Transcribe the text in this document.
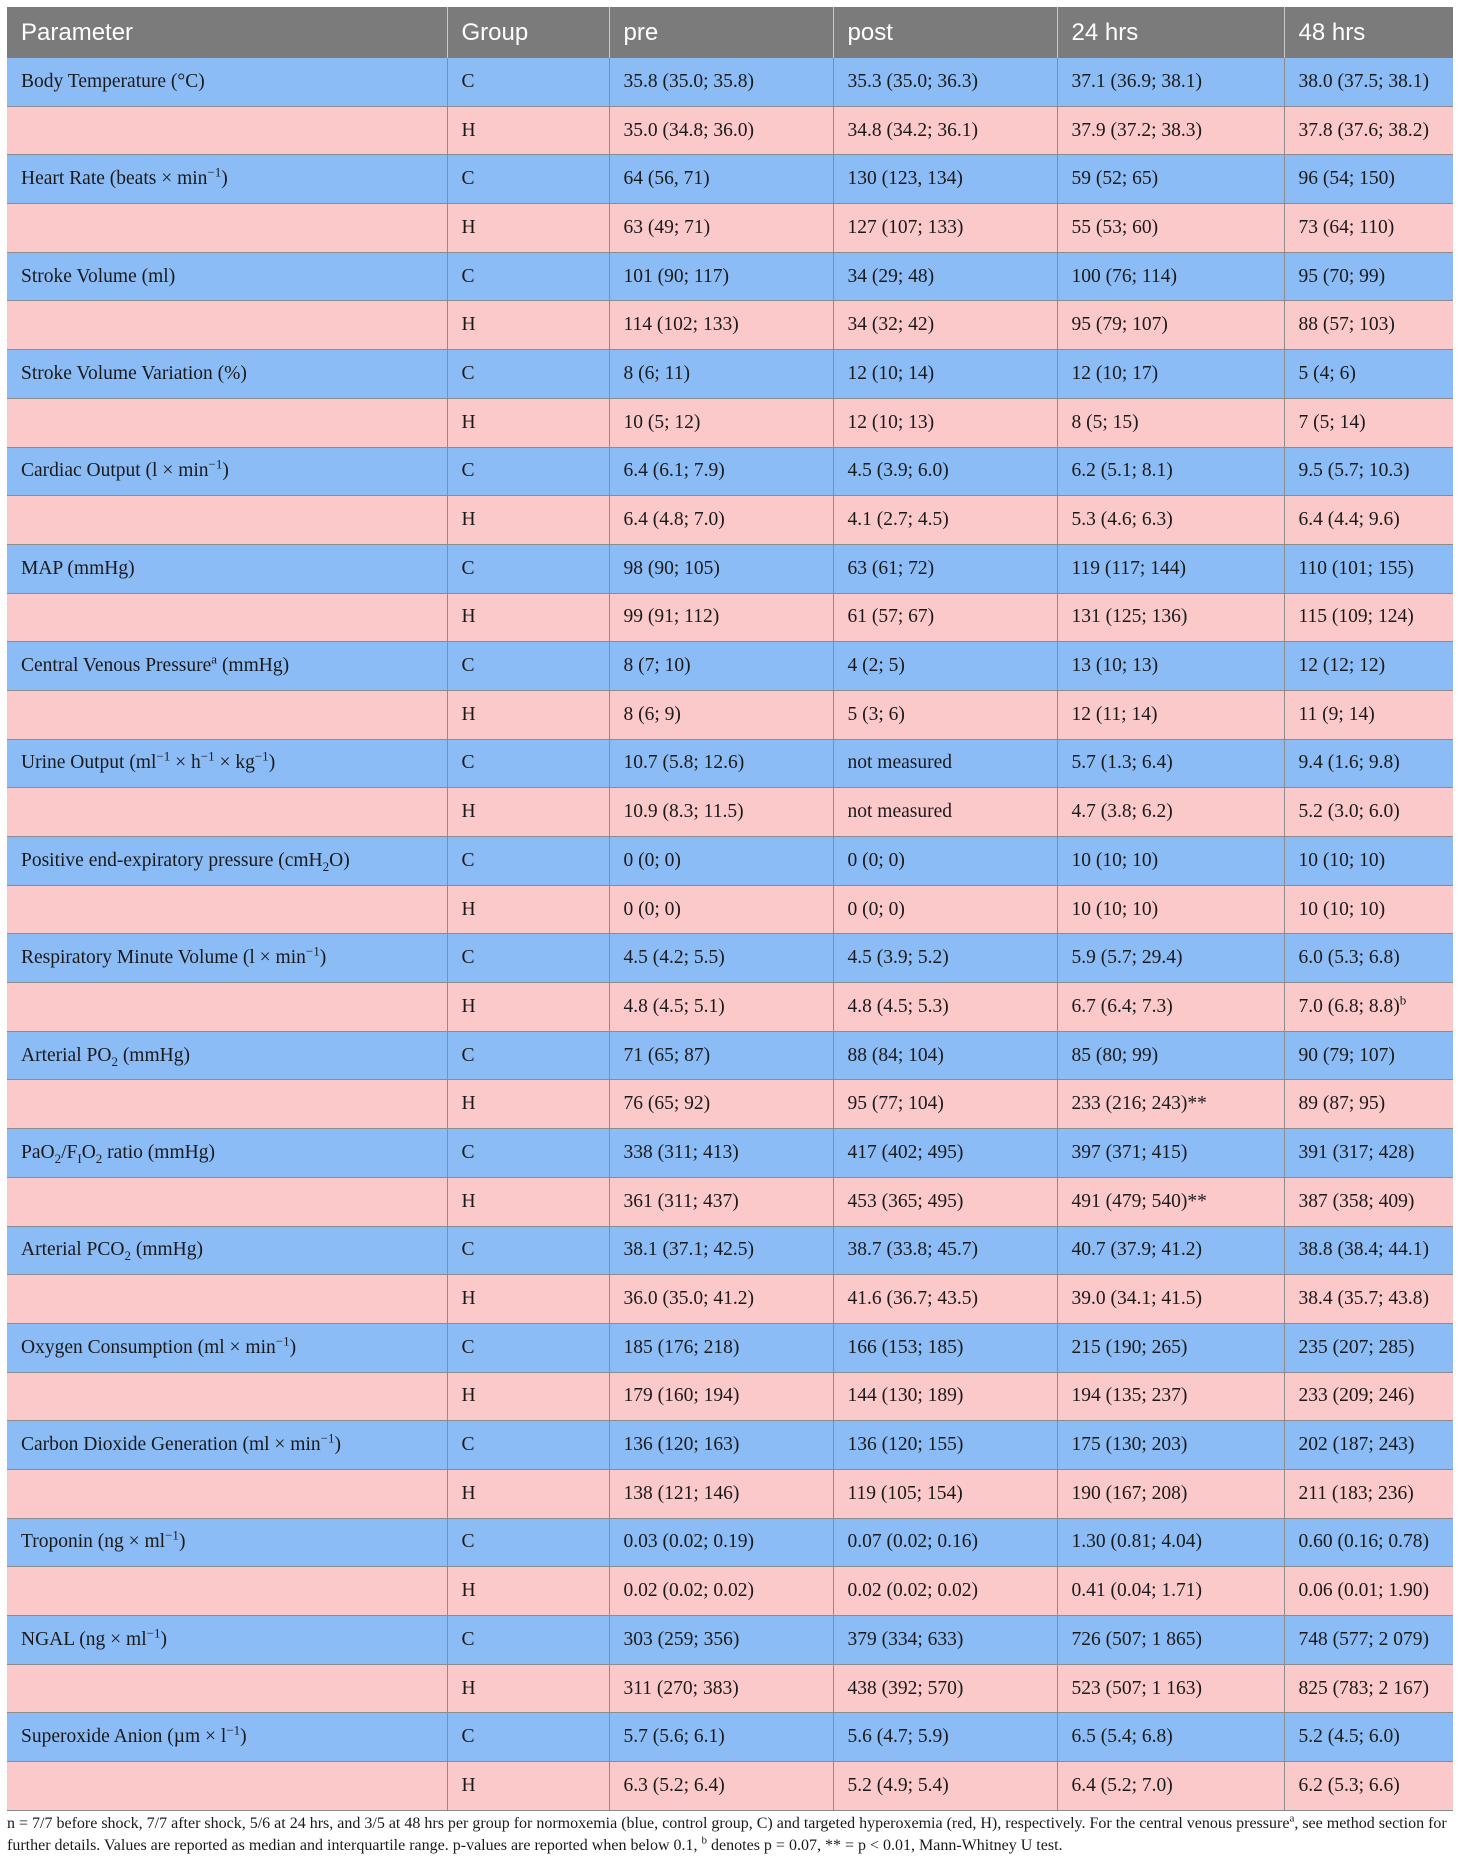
Parameter	Group	pre	post	24 hrs	48 hrs
Body Temperature (°C)	C	35.8 (35.0; 35.8)	35.3 (35.0; 36.3)	37.1 (36.9; 38.1)	38.0 (37.5; 38.1)
	H	35.0 (34.8; 36.0)	34.8 (34.2; 36.1)	37.9 (37.2; 38.3)	37.8 (37.6; 38.2)
Heart Rate (beats × $\min^{-1}$)	C	64 (56, 71)	130 (123, 134)	59 (52; 65)	96 (54; 150)
	H	63 (49; 71)	127 (107; 133)	55 (53; 60)	73 (64; 110)
Stroke Volume (ml)	C	101 (90; 117)	34 (29; 48)	100 (76; 114)	95 (70; 99)
	H	114 (102; 133)	34 (32; 42)	95 (79; 107)	88 (57; 103)
Stroke Volume Variation (%)	C	8 (6; 11)	12 (10; 14)	12 (10; 17)	5 (4; 6)
	H	10 (5; 12)	12 (10; 13)	8 (5; 15)	7 (5; 14)
Cardiac Output $(l \times \min^{-1})$	C	6.4 (6.1; 7.9)	4.5 (3.9; 6.0)	6.2 (5.1; 8.1)	9.5 (5.7; 10.3)
	H	6.4 (4.8; 7.0)	4.1 (2.7; 4.5)	5.3 (4.6; 6.3)	6.4 (4.4; 9.6)
MAP (mmHg)	C	98 (90; 105)	63 (61; 72)	119 (117; 144)	110 (101; 155)
	H	99 (91; 112)	61 (57; 67)	131 (125; 136)	115 (109; 124)
Central Venous Pressure$^a$ (mmHg)	C	8 (7; 10)	4 (2; 5)	13 (10; 13)	12 (12; 12)
	H	8 (6; 9)	5 (3; 6)	12 (11; 14)	11 (9; 14)
Urine Output $(ml^{-1} \times h^{-1} \times kg^{-1})$	C	10.7 (5.8; 12.6)	not measured	5.7 (1.3; 6.4)	9.4 (1.6; 9.8)
	H	10.9 (8.3; 11.5)	not measured	4.7 (3.8; 6.2)	5.2 (3.0; 6.0)
Positive end-expiratory pressure (cmH$_2$O)	C	0 (0; 0)	0 (0; 0)	10 (10; 10)	10 (10; 10)
	H	0 (0; 0)	0 (0; 0)	10 (10; 10)	10 (10; 10)
Respiratory Minute Volume $(l \times \min^{-1})$	C	4.5 (4.2; 5.5)	4.5 (3.9; 5.2)	5.9 (5.7; 29.4)	6.0 (5.3; 6.8)
	H	4.8 (4.5; 5.1)	4.8 (4.5; 5.3)	6.7 (6.4; 7.3)	7.0 (6.8; 8.8)$^b$
Arterial $PO_2$ (mmHg)	C	71 (65; 87)	88 (84; 104)	85 (80; 99)	90 (79; 107)
	H	76 (65; 92)	95 (77; 104)	233 (216; 243)**	89 (87; 95)
$PaO_2/F_IO_2$ ratio (mmHg)	C	338 (311; 413)	417 (402; 495)	397 (371; 415)	391 (317; 428)
	H	361 (311; 437)	453 (365; 495)	491 (479; 540)**	387 (358; 409)
Arterial $PCO_2$ (mmHg)	C	38.1 (37.1; 42.5)	38.7 (33.8; 45.7)	40.7 (37.9; 41.2)	38.8 (38.4; 44.1)
	H	36.0 (35.0; 41.2)	41.6 (36.7; 43.5)	39.0 (34.1; 41.5)	38.4 (35.7; 43.8)
Oxygen Consumption $(ml \times \min^{-1})$	C	185 (176; 218)	166 (153; 185)	215 (190; 265)	235 (207; 285)
	H	179 (160; 194)	144 (130; 189)	194 (135; 237)	233 (209; 246)
Carbon Dioxide Generation $(ml \times \min^{-1})$	C	136 (120; 163)	136 (120; 155)	175 (130; 203)	202 (187; 243)
	H	138 (121; 146)	119 (105; 154)	190 (167; 208)	211 (183; 236)
Troponin $(ng \times ml^{-1})$	C	0.03 (0.02; 0.19)	0.07 (0.02; 0.16)	1.30 (0.81; 4.04)	0.60 (0.16; 0.78)
	H	0.02 (0.02; 0.02)	0.02 (0.02; 0.02)	0.41 (0.04; 1.71)	0.06 (0.01; 1.90)
NGAL $(ng \times ml^{-1})$	C	303 (259; 356)	379 (334; 633)	726 (507; 1 865)	748 (577; 2 079)
	H	311 (270; 383)	438 (392; 570)	523 (507; 1 163)	825 (783; 2 167)
Superoxide Anion $(\mu m \times l^{-1})$	C	5.7 (5.6; 6.1)	5.6 (4.7; 5.9)	6.5 (5.4; 6.8)	5.2 (4.5; 6.0)
	H	6.3 (5.2; 6.4)	5.2 (4.9; 5.4)	6.4 (5.2; 7.0)	6.2 (5.3; 6.6)
n = 7/7 before shock, 7/7 after shock, 5/6 at 24 hrs, and 3/5 at 48 hrs per group for normoxemia (blue, control group, C) and targeted hyperoxemia (red, H), respectively. For the central venous pressure$^a$, see method section for further details. Values are reported as median and interquartile range. p-values are reported when below 0.1, $^b$ denotes p = 0.07, ** = p < 0.01, Mann-Whitney U test.
